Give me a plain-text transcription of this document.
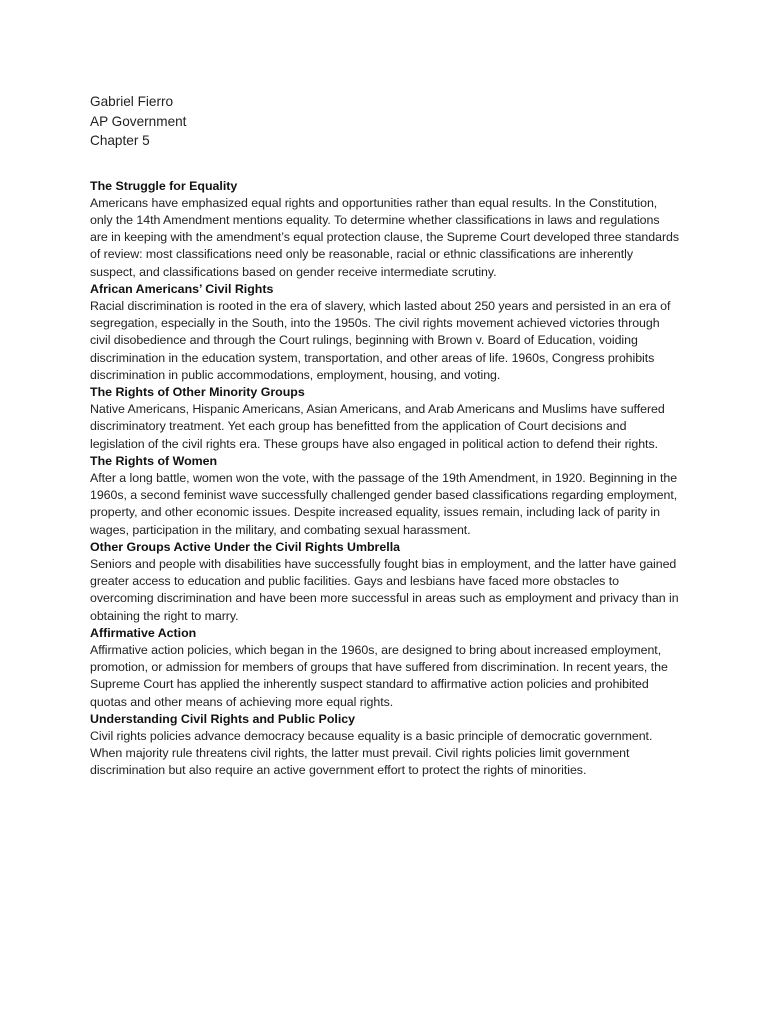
Gabriel Fierro

AP Government

Chapter 5

The Struggle for Equality

Americans have emphasized equal rights and opportunities rather than equal results. In the Constitution, only the 14th Amendment mentions equality. To determine whether classifications in laws and regulations are in keeping with the amendment’s equal protection clause, the Supreme Court developed three standards of review: most classifications need only be reasonable, racial or ethnic classifications are inherently suspect, and classifications based on gender receive intermediate scrutiny.

African Americans’ Civil Rights

Racial discrimination is rooted in the era of slavery, which lasted about 250 years and persisted in an era of segregation, especially in the South, into the 1950s. The civil rights movement achieved victories through civil disobedience and through the Court rulings, beginning with Brown v. Board of Education, voiding discrimination in the education system, transportation, and other areas of life. 1960s, Congress prohibits discrimination in public accommodations, employment, housing, and voting.

The Rights of Other Minority Groups

Native Americans, Hispanic Americans, Asian Americans, and Arab Americans and Muslims have suffered discriminatory treatment. Yet each group has benefitted from the application of Court decisions and legislation of the civil rights era. These groups have also engaged in political action to defend their rights.

The Rights of Women

After a long battle, women won the vote, with the passage of the 19th Amendment, in 1920. Beginning in the 1960s, a second feminist wave successfully challenged gender based classifications regarding employment, property, and other economic issues. Despite increased equality, issues remain, including lack of parity in wages, participation in the military, and combating sexual harassment.

Other Groups Active Under the Civil Rights Umbrella

Seniors and people with disabilities have successfully fought bias in employment, and the latter have gained greater access to education and public facilities. Gays and lesbians have faced more obstacles to overcoming discrimination and have been more successful in areas such as employment and privacy than in obtaining the right to marry.

Affirmative Action

Affirmative action policies, which began in the 1960s, are designed to bring about increased employment, promotion, or admission for members of groups that have suffered from discrimination. In recent years, the Supreme Court has applied the inherently suspect standard to affirmative action policies and prohibited quotas and other means of achieving more equal rights.

Understanding Civil Rights and Public Policy

Civil rights policies advance democracy because equality is a basic principle of democratic government. When majority rule threatens civil rights, the latter must prevail. Civil rights policies limit government discrimination but also require an active government effort to protect the rights of minorities.
